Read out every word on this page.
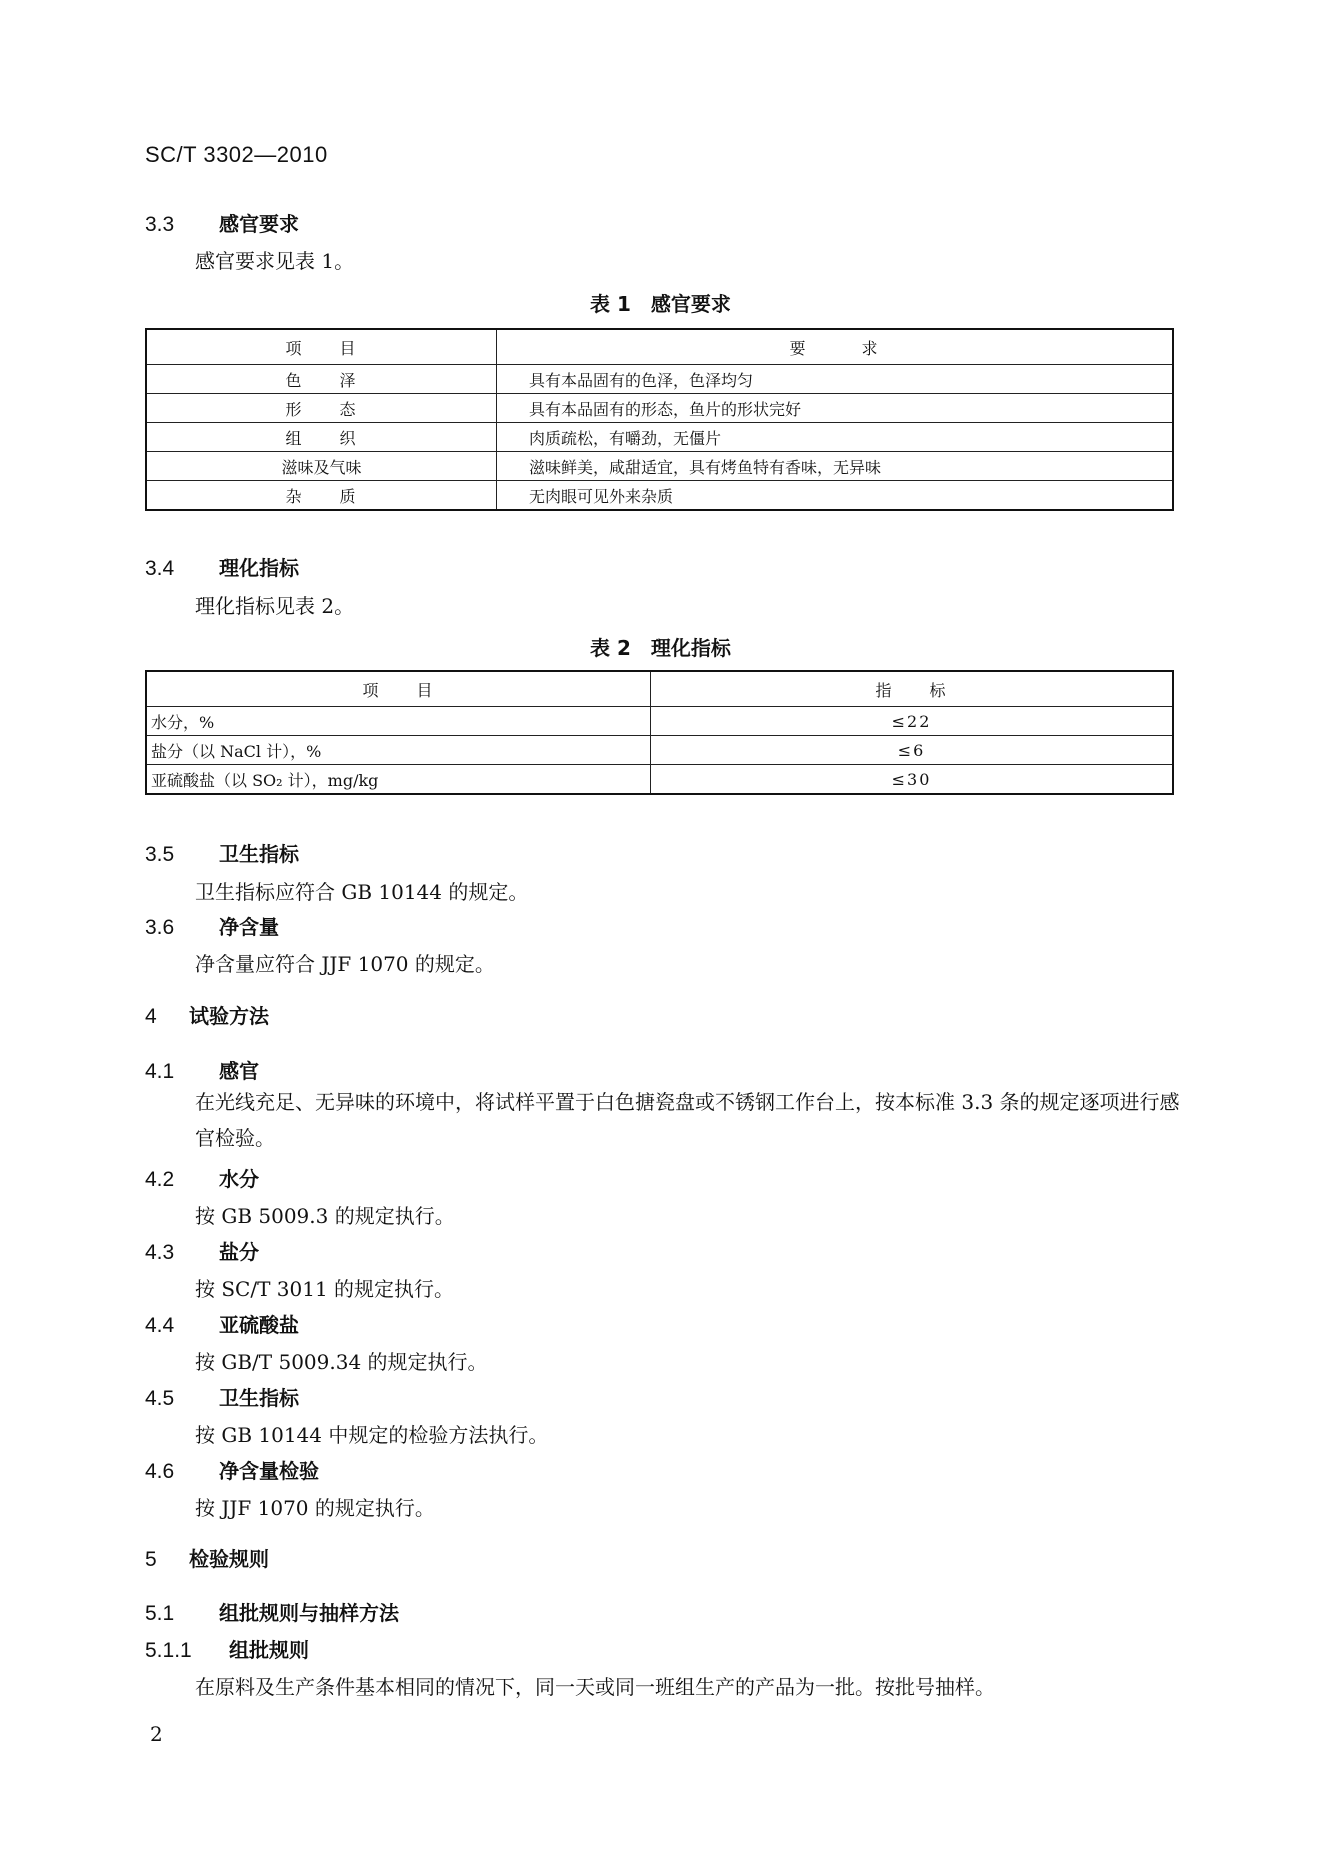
SC/T 3302—2010
3.3 感官要求
感官要求见表 1。
表 1　感官要求
项　　目	要　　　求
色　　泽	具有本品固有的色泽，色泽均匀
形　　态	具有本品固有的形态，鱼片的形状完好
组　　织	肉质疏松，有嚼劲，无僵片
滋味及气味	滋味鲜美，咸甜适宜，具有烤鱼特有香味，无异味
杂　　质	无肉眼可见外来杂质
3.4 理化指标
理化指标见表 2。
表 2　理化指标
项　　目	指　　标
水分，%	≤22
盐分（以 NaCl 计），%	≤6
亚硫酸盐（以 SO₂ 计），mg/kg	≤30
3.5 卫生指标
卫生指标应符合 GB 10144 的规定。
3.6 净含量
净含量应符合 JJF 1070 的规定。
4 试验方法
4.1 感官
在光线充足、无异味的环境中，将试样平置于白色搪瓷盘或不锈钢工作台上，按本标准 3.3 条的规定逐项进行感官检验。
4.2 水分
按 GB 5009.3 的规定执行。
4.3 盐分
按 SC/T 3011 的规定执行。
4.4 亚硫酸盐
按 GB/T 5009.34 的规定执行。
4.5 卫生指标
按 GB 10144 中规定的检验方法执行。
4.6 净含量检验
按 JJF 1070 的规定执行。
5 检验规则
5.1 组批规则与抽样方法
5.1.1 组批规则
在原料及生产条件基本相同的情况下，同一天或同一班组生产的产品为一批。按批号抽样。
2
